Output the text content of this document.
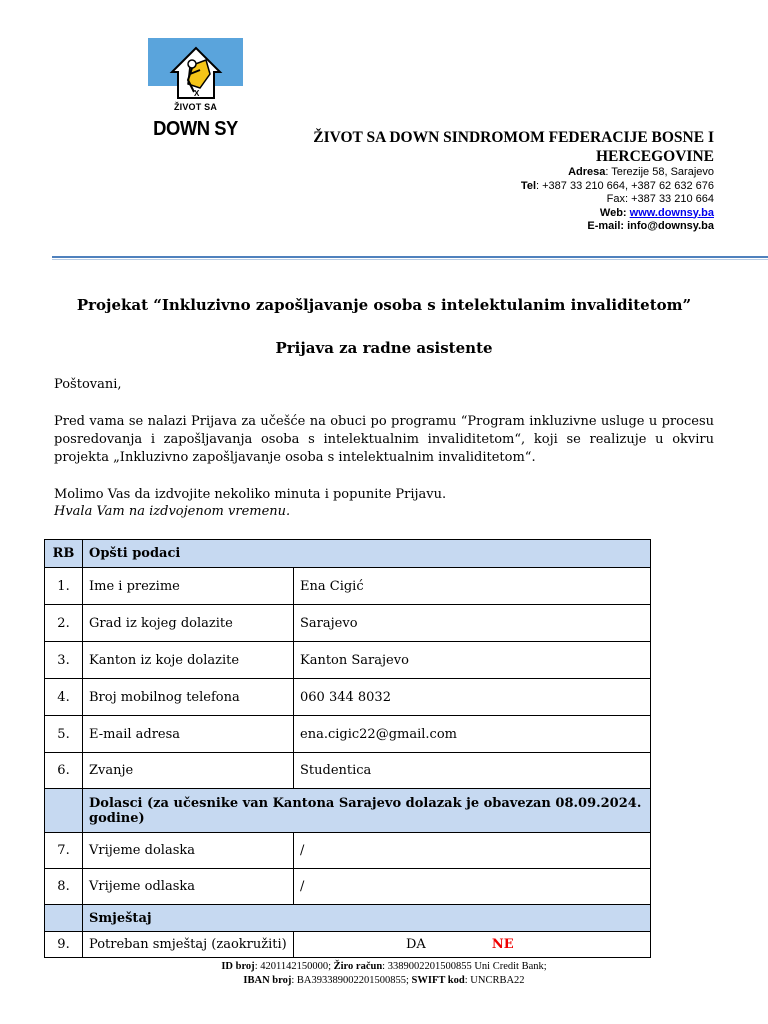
X
ŽIVOT SA
DOWN SY	ŽIVOT SA DOWN SINDROMOM FEDERACIJE BOSNE I HERCEGOVINE
Adresa: Terezije 58, Sarajevo
Tel: +387 33 210 664, +387 62 632 676
Fax: +387 33 210 664
Web: www.downsy.ba
E-mail: info@downsy.ba
Projekat “Inkluzivno zapošljavanje osoba s intelektulanim invaliditetom”
Prijava za radne asistente
Poštovani,
Pred vama se nalazi Prijava za učešće na obuci po programu “Program inkluzivne usluge u procesu posredovanja i zapošljavanja osoba s intelektualnim invaliditetom“, koji se realizuje u okviru projekta „Inkluzivno zapošljavanje osoba s intelektualnim invaliditetom“.
Molimo Vas da izdvojite nekoliko minuta i popunite Prijavu.
Hvala Vam na izdvojenom vremenu.
RB	Opšti podaci	
1.	Ime i prezime	Ena Cigić
2.	Grad iz kojeg dolazite	Sarajevo
3.	Kanton iz koje dolazite	Kanton Sarajevo
4.	Broj mobilnog telefona	060 344 8032
5.	E-mail adresa	ena.cigic22@gmail.com
6.	Zvanje	Studentica
	Dolasci (za učesnike van Kantona Sarajevo dolazak je obavezan 08.09.2024. godine)	
7.	Vrijeme dolaska	/
8.	Vrijeme odlaska	/
	Smještaj	
9.	Potreban smještaj (zaokružiti)	DA NE
ID broj: 4201142150000; Žiro račun: 3389002201500855 Uni Credit Bank;
IBAN broj: BA393389002201500855; SWIFT kod: UNCRBA22
